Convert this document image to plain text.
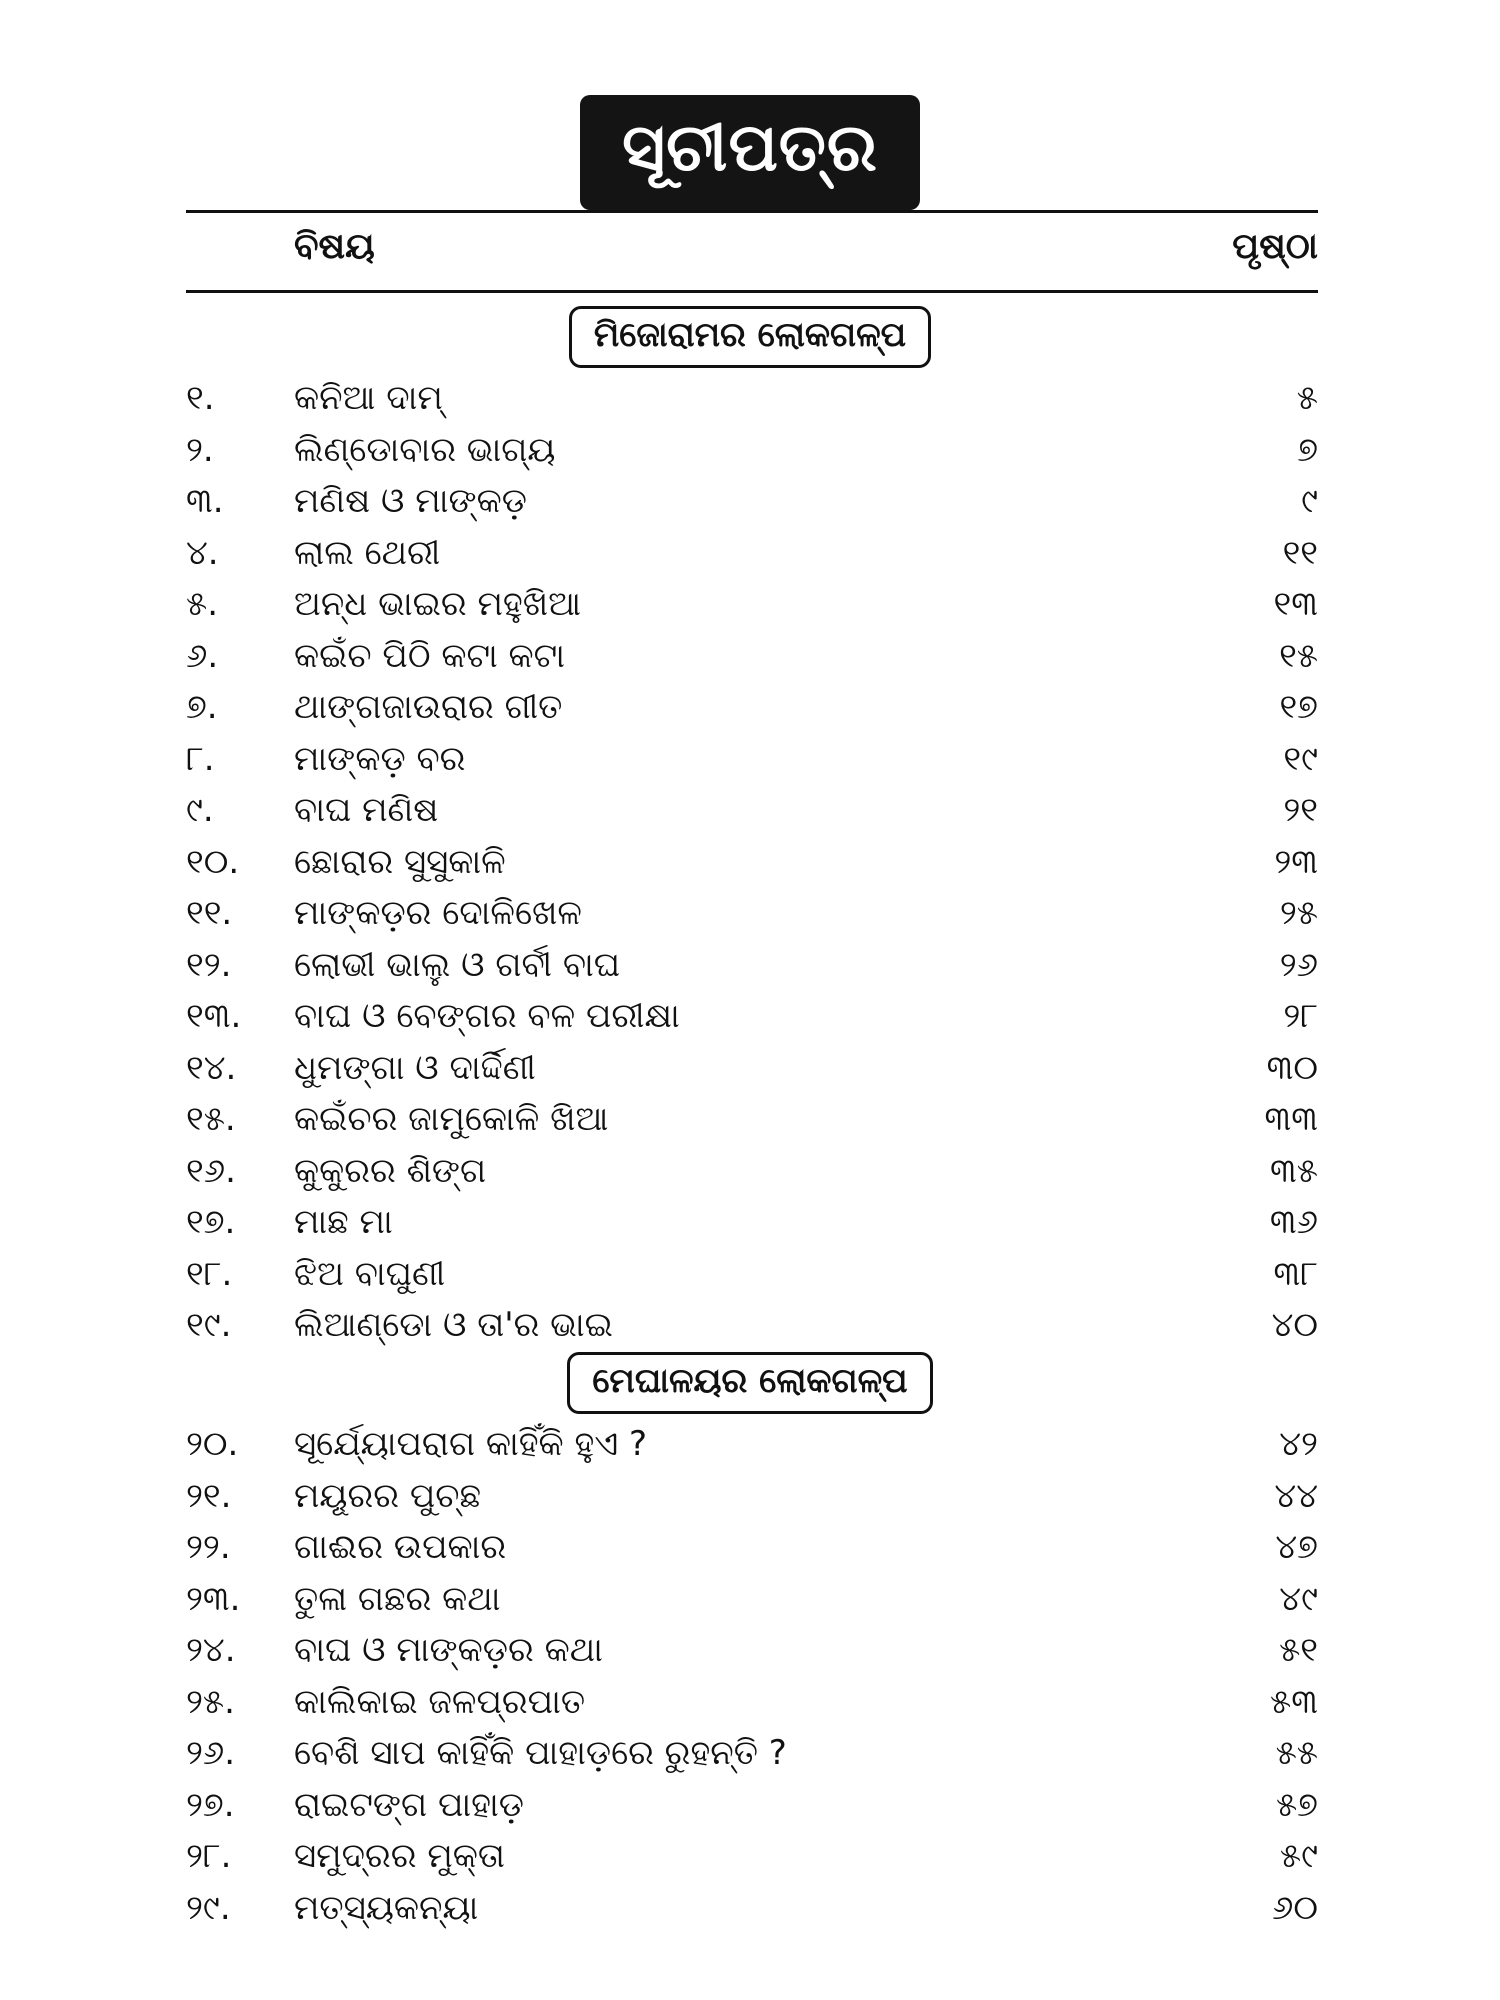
ସୂଚୀପତ୍ର
ବିଷୟ	ପୃଷ୍ଠା
ମିଜୋରାମର ଲୋକଗଳ୍ପ
୧.	କନିଆ ଦାମ୍	୫
୨.	ଲିଣ୍ଡୋବାର ଭାଗ୍ୟ	୭
୩.	ମଣିଷ ଓ ମାଙ୍କଡ଼	୯
୪.	ଲାଲ ଥେରୀ	୧୧
୫.	ଅନ୍ଧ ଭାଇର ମହୁଖିଆ	୧୩
୬.	କଇଁଚ ପିଠି କଟା କଟା	୧୫
୭.	ଥାଙ୍ଗଜାଉରାର ଗୀତ	୧୭
୮.	ମାଙ୍କଡ଼ ବର	୧୯
୯.	ବାଘ ମଣିଷ	୨୧
୧୦.	ଛୋରାର ସୁସୁକାଳି	୨୩
୧୧.	ମାଙ୍କଡ଼ର ଦୋଳିଖେଳ	୨୫
୧୨.	ଲୋଭୀ ଭାଲୁ ଓ ଗର୍ବୀ ବାଘ	୨୬
୧୩.	ବାଘ ଓ ବେଙ୍ଗର ବଳ ପରୀକ୍ଷା	୨୮
୧୪.	ଧୁମଙ୍ଗା ଓ ଦାର୍ଦ୍ଦିଣୀ	୩୦
୧୫.	କଇଁଚର ଜାମୁକୋଳି ଖିଆ	୩୩
୧୬.	କୁକୁରର ଶିଙ୍ଗ	୩୫
୧୭.	ମାଛ ମା	୩୬
୧୮.	ଝିଅ ବାଘୁଣୀ	୩୮
୧୯.	ଲିଆଣ୍ଡୋ ଓ ତା'ର ଭାଇ	୪୦
ମେଘାଳୟର ଲୋକଗଳ୍ପ
୨୦.	ସୂର୍ଯ୍ୟୋପରାଗ କାହିଁକି ହୁଏ ?	୪୨
୨୧.	ମୟୂରର ପୁଚ୍ଛ	୪୪
୨୨.	ଗାଈର ଉପକାର	୪୭
୨୩.	ତୁଳା ଗଛର କଥା	୪୯
୨୪.	ବାଘ ଓ ମାଙ୍କଡ଼ର କଥା	୫୧
୨୫.	କାଲିକାଇ ଜଳପ୍ରପାତ	୫୩
୨୬.	ବେଶି ସାପ କାହିଁକି ପାହାଡ଼ରେ ରୁହନ୍ତି ?	୫୫
୨୭.	ରାଇଟଙ୍ଗ ପାହାଡ଼	୫୭
୨୮.	ସମୁଦ୍ରର ମୁକ୍ତା	୫୯
୨୯.	ମତ୍ସ୍ୟକନ୍ୟା	୬୦
